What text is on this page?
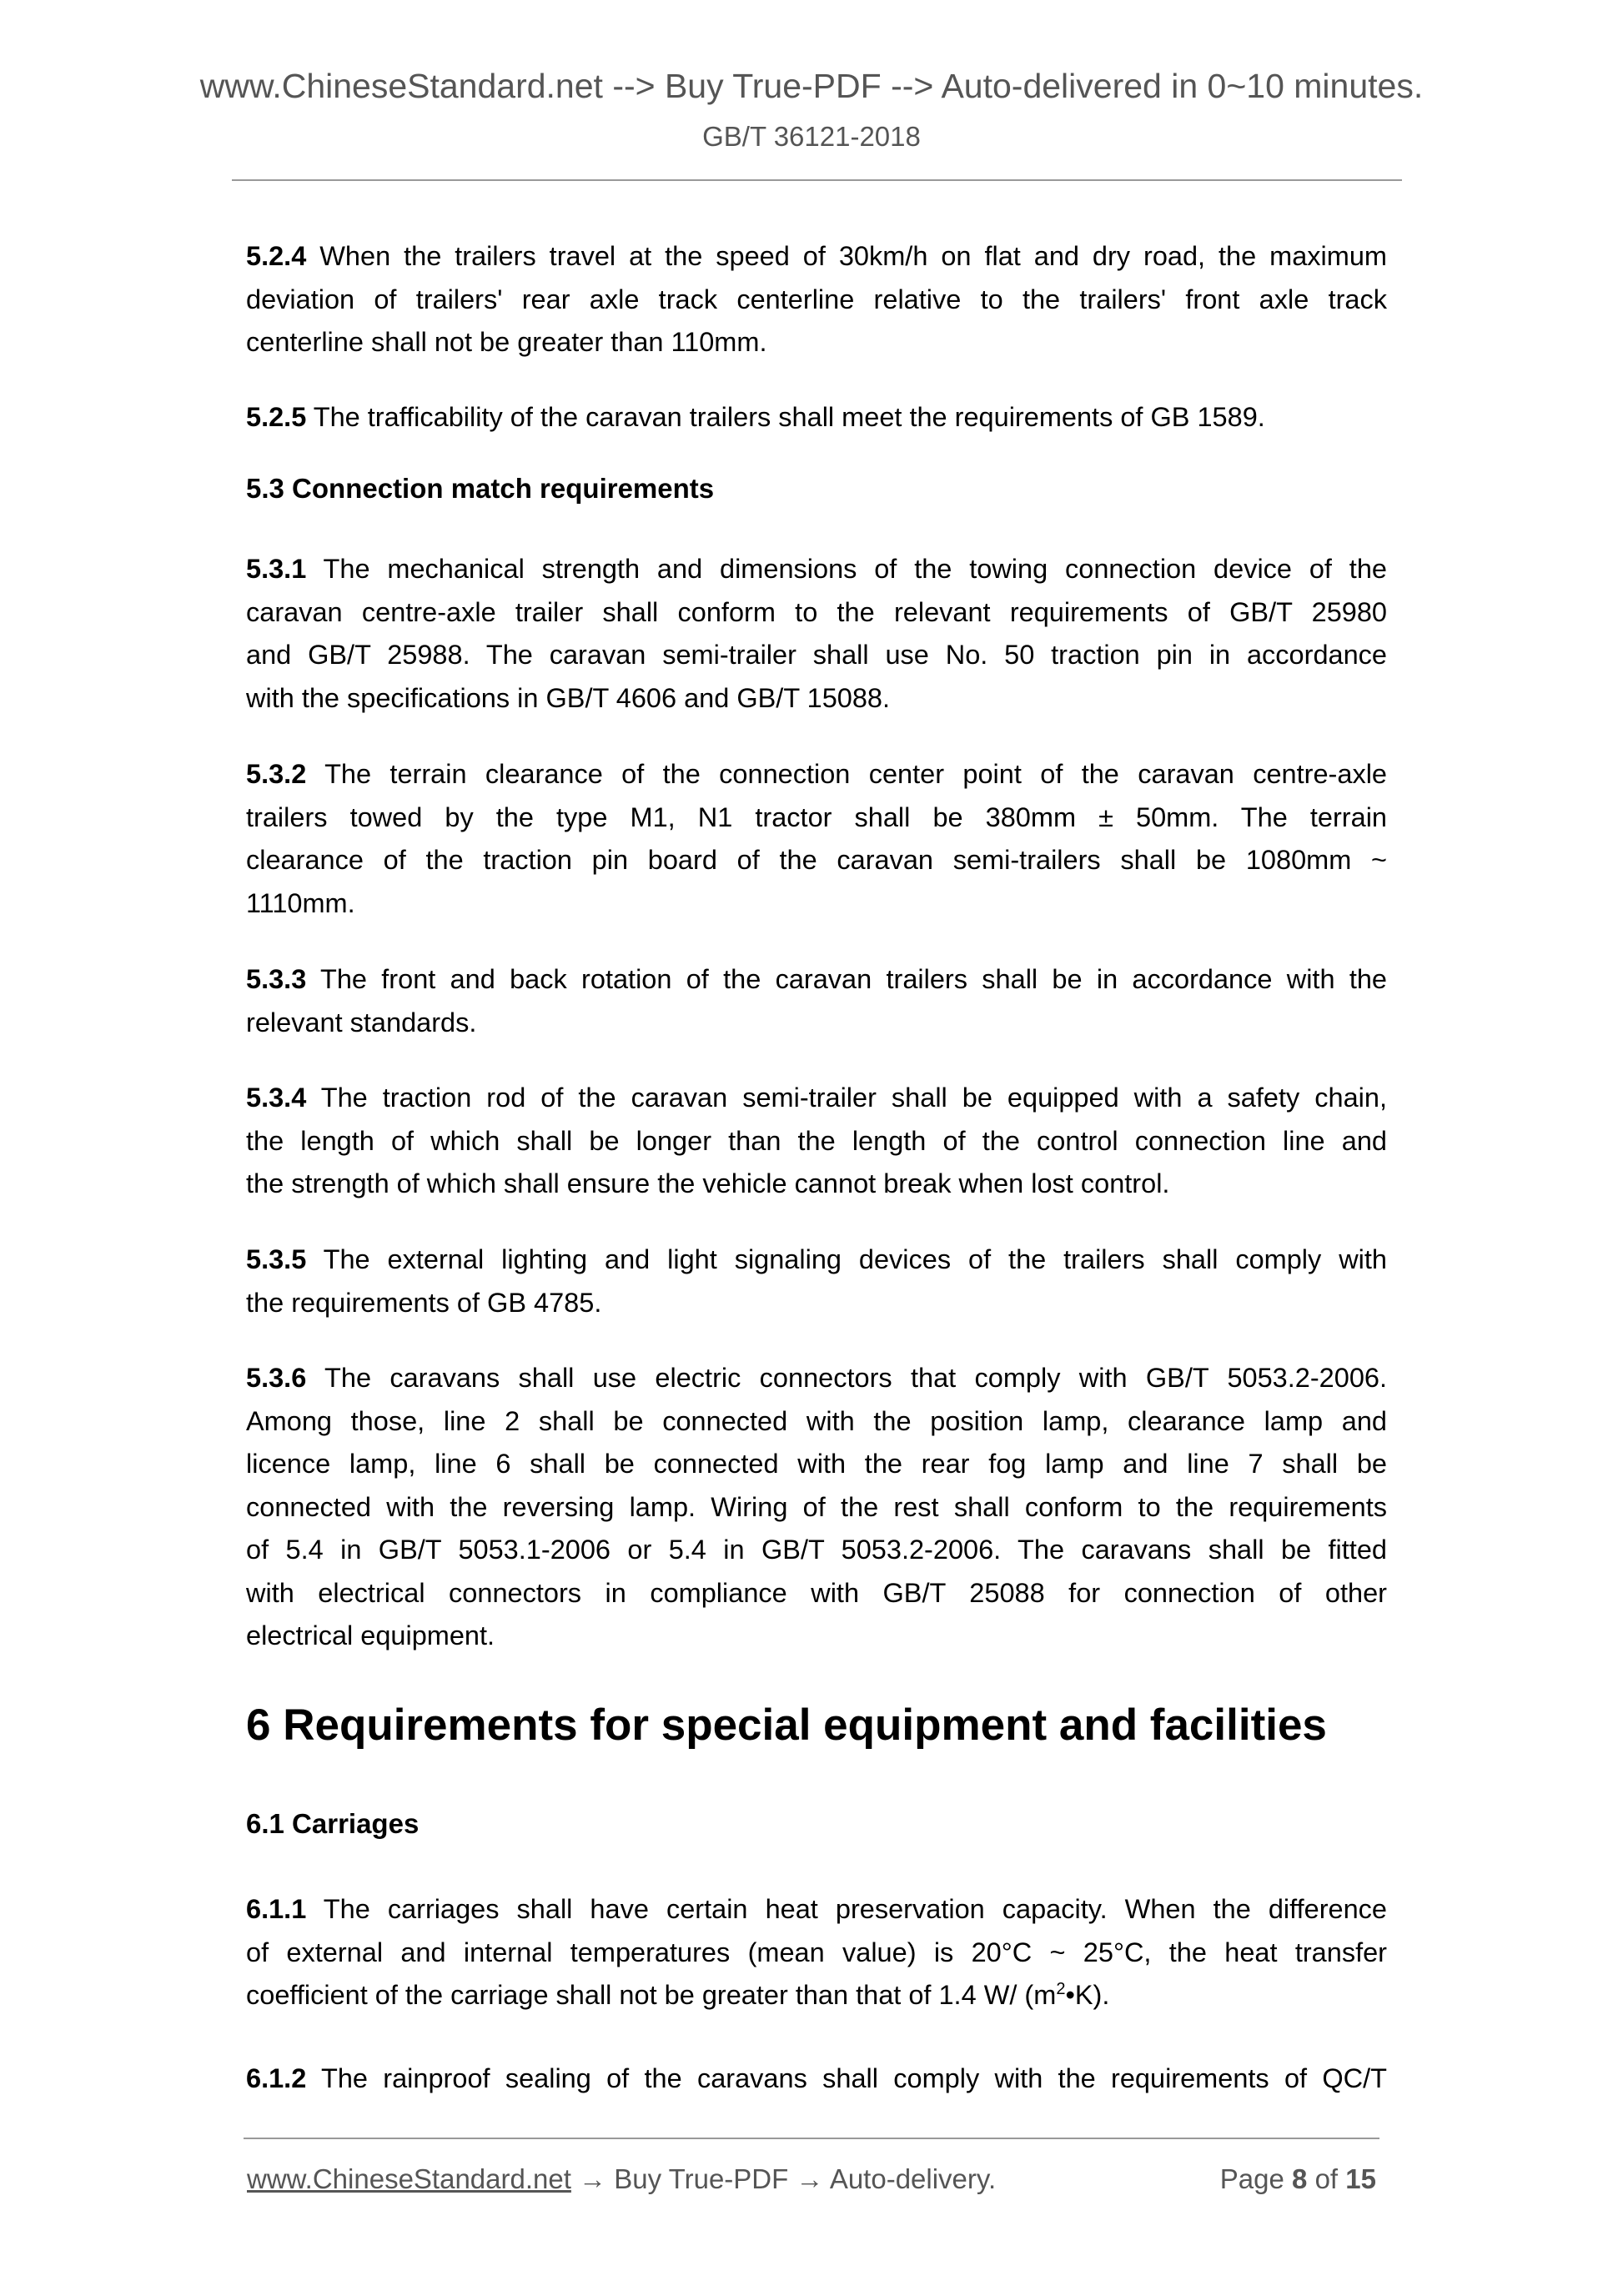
www.ChineseStandard.net --> Buy True-PDF --> Auto-delivered in 0~10 minutes.
GB/T 36121-2018
5.2.4 When the trailers travel at the speed of 30km/h on flat and dry road, the maximum
deviation of trailers' rear axle track centerline relative to the trailers' front axle track
centerline shall not be greater than 110mm.
5.2.5 The trafficability of the caravan trailers shall meet the requirements of GB 1589.
5.3.1 The mechanical strength and dimensions of the towing connection device of the
caravan centre-axle trailer shall conform to the relevant requirements of GB/T 25980
and GB/T 25988. The caravan semi-trailer shall use No. 50 traction pin in accordance
with the specifications in GB/T 4606 and GB/T 15088.
5.3.2 The terrain clearance of the connection center point of the caravan centre-axle
trailers towed by the type M1, N1 tractor shall be 380mm ± 50mm. The terrain
clearance of the traction pin board of the caravan semi-trailers shall be 1080mm ~
1110mm.
5.3.3 The front and back rotation of the caravan trailers shall be in accordance with the
relevant standards.
5.3.4 The traction rod of the caravan semi-trailer shall be equipped with a safety chain,
the length of which shall be longer than the length of the control connection line and
the strength of which shall ensure the vehicle cannot break when lost control.
5.3.5 The external lighting and light signaling devices of the trailers shall comply with
the requirements of GB 4785.
5.3.6 The caravans shall use electric connectors that comply with GB/T 5053.2-2006.
Among those, line 2 shall be connected with the position lamp, clearance lamp and
licence lamp, line 6 shall be connected with the rear fog lamp and line 7 shall be
connected with the reversing lamp. Wiring of the rest shall conform to the requirements
of 5.4 in GB/T 5053.1-2006 or 5.4 in GB/T 5053.2-2006. The caravans shall be fitted
with electrical connectors in compliance with GB/T 25088 for connection of other
electrical equipment.
6.1.1 The carriages shall have certain heat preservation capacity. When the difference
of external and internal temperatures (mean value) is 20°C ~ 25°C, the heat transfer
coefficient of the carriage shall not be greater than that of 1.4 W/ $(m^2•K)$.
6.1.2 The rainproof sealing of the caravans shall comply with the requirements of QC/T
5.3 Connection match requirements
6 Requirements for special equipment and facilities
6.1 Carriages
www.ChineseStandard.net → Buy True-PDF → Auto-delivery.	Page 8 of 15
